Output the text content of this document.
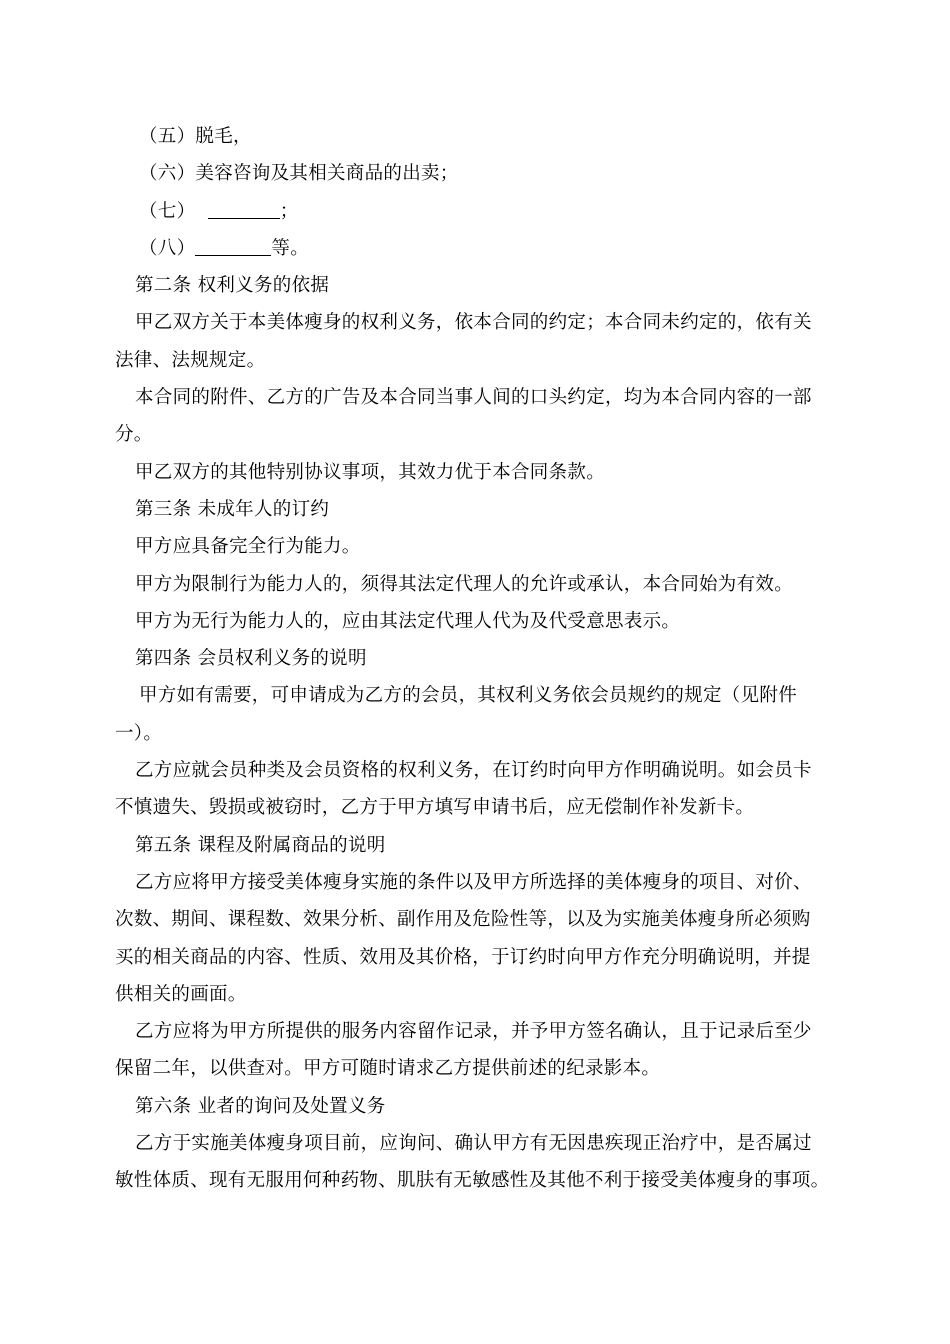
（五）脱毛，
（六）美容咨询及其相关商品的出卖；
（七）	；
（八）	等。
第二条 权利义务的依据
甲乙双方关于本美体瘦身的权利义务，依本合同的约定；本合同未约定的，依有关
法律、法规规定。
本合同的附件、乙方的广告及本合同当事人间的口头约定，均为本合同内容的一部
分。
甲乙双方的其他特别协议事项，其效力优于本合同条款。
第三条 未成年人的订约
甲方应具备完全行为能力。
甲方为限制行为能力人的，须得其法定代理人的允许或承认，本合同始为有效。
甲方为无行为能力人的，应由其法定代理人代为及代受意思表示。
第四条 会员权利义务的说明
甲方如有需要，可申请成为乙方的会员，其权利义务依会员规约的规定（见附件
一）。
乙方应就会员种类及会员资格的权利义务，在订约时向甲方作明确说明。如会员卡
不慎遗失、毁损或被窃时，乙方于甲方填写申请书后，应无偿制作补发新卡。
第五条 课程及附属商品的说明
乙方应将甲方接受美体瘦身实施的条件以及甲方所选择的美体瘦身的项目、对价、
次数、期间、课程数、效果分析、副作用及危险性等，以及为实施美体瘦身所必须购
买的相关商品的内容、性质、效用及其价格，于订约时向甲方作充分明确说明，并提
供相关的画面。
乙方应将为甲方所提供的服务内容留作记录，并予甲方签名确认，且于记录后至少
保留二年，以供查对。甲方可随时请求乙方提供前述的纪录影本。
第六条 业者的询问及处置义务
乙方于实施美体瘦身项目前，应询问、确认甲方有无因患疾现正治疗中，是否属过
敏性体质、现有无服用何种药物、肌肤有无敏感性及其他不利于接受美体瘦身的事项。
